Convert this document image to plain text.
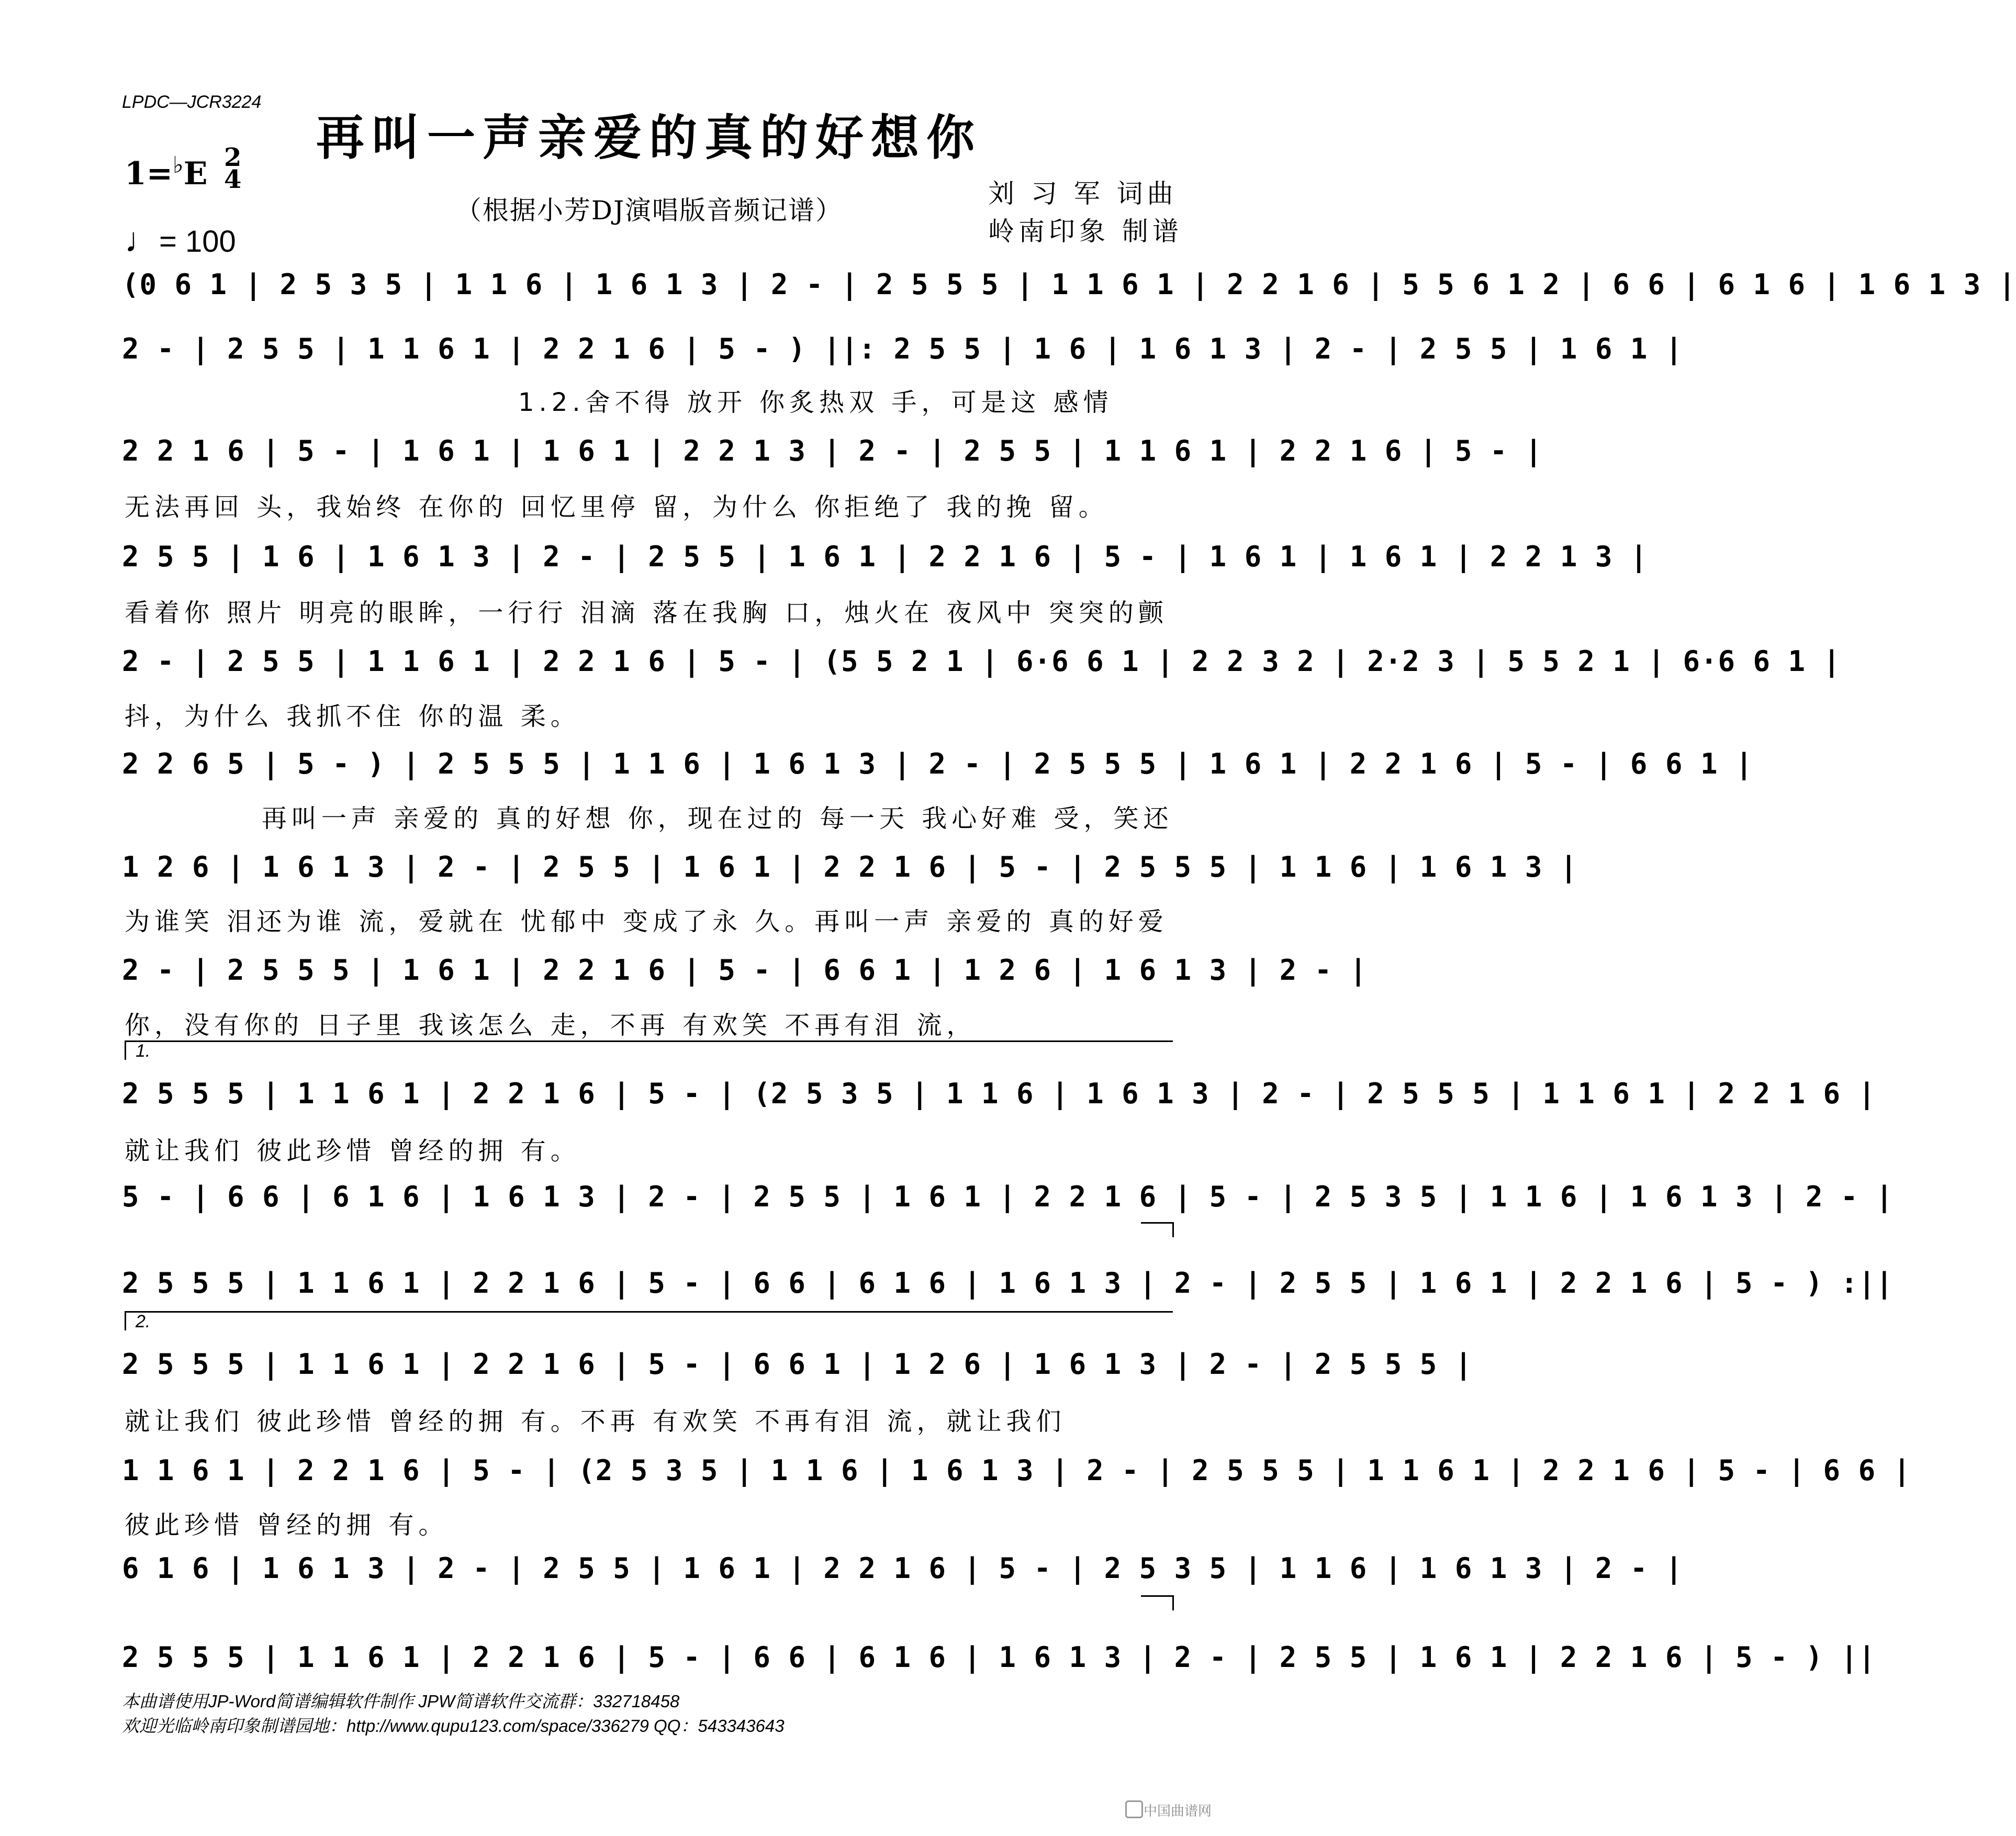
LPDC—JCR3224
再叫一声亲爱的真的好想你
（根据小芳DJ演唱版音频记谱）
刘 习 军 词曲
岭南印象 制谱
1=♭E 2
4
♩= 100
(0 6 1 | 2 5 3 5 | 1 1 6 | 1 6 1 3 | 2 - | 2 5 5 5 | 1 1 6 1 | 2 2 1 6 | 5 5 6 1 2 | 6 6 | 6 1 6 | 1 6 1 3 |
2 - | 2 5 5 | 1 1 6 1 | 2 2 1 6 | 5 - ) ||: 2 5 5 | 1 6 | 1 6 1 3 | 2 - | 2 5 5 | 1 6 1 |
1.2.舍不得 放开 你炙热双 手，可是这 感情
2 2 1 6 | 5 - | 1 6 1 | 1 6 1 | 2 2 1 3 | 2 - | 2 5 5 | 1 1 6 1 | 2 2 1 6 | 5 - |
无法再回 头，我始终 在你的 回忆里停 留，为什么 你拒绝了 我的挽 留。
2 5 5 | 1 6 | 1 6 1 3 | 2 - | 2 5 5 | 1 6 1 | 2 2 1 6 | 5 - | 1 6 1 | 1 6 1 | 2 2 1 3 |
看着你 照片 明亮的眼眸，一行行 泪滴 落在我胸 口，烛火在 夜风中 突突的颤
2 - | 2 5 5 | 1 1 6 1 | 2 2 1 6 | 5 - | (5 5 2 1 | 6·6 6 1 | 2 2 3 2 | 2·2 3 | 5 5 2 1 | 6·6 6 1 |
抖，为什么 我抓不住 你的温 柔。
2 2 6 5 | 5 - ) | 2 5 5 5 | 1 1 6 | 1 6 1 3 | 2 - | 2 5 5 5 | 1 6 1 | 2 2 1 6 | 5 - | 6 6 1 |
再叫一声 亲爱的 真的好想 你，现在过的 每一天 我心好难 受，笑还
1 2 6 | 1 6 1 3 | 2 - | 2 5 5 | 1 6 1 | 2 2 1 6 | 5 - | 2 5 5 5 | 1 1 6 | 1 6 1 3 |
为谁笑 泪还为谁 流，爱就在 忧郁中 变成了永 久。再叫一声 亲爱的 真的好爱
2 - | 2 5 5 5 | 1 6 1 | 2 2 1 6 | 5 - | 6 6 1 | 1 2 6 | 1 6 1 3 | 2 - |
你，没有你的 日子里 我该怎么 走，不再 有欢笑 不再有泪 流，
1.
2 5 5 5 | 1 1 6 1 | 2 2 1 6 | 5 - | (2 5 3 5 | 1 1 6 | 1 6 1 3 | 2 - | 2 5 5 5 | 1 1 6 1 | 2 2 1 6 |
就让我们 彼此珍惜 曾经的拥 有。
5 - | 6 6 | 6 1 6 | 1 6 1 3 | 2 - | 2 5 5 | 1 6 1 | 2 2 1 6 | 5 - | 2 5 3 5 | 1 1 6 | 1 6 1 3 | 2 - |
2 5 5 5 | 1 1 6 1 | 2 2 1 6 | 5 - | 6 6 | 6 1 6 | 1 6 1 3 | 2 - | 2 5 5 | 1 6 1 | 2 2 1 6 | 5 - ) :||
2.
2 5 5 5 | 1 1 6 1 | 2 2 1 6 | 5 - | 6 6 1 | 1 2 6 | 1 6 1 3 | 2 - | 2 5 5 5 |
就让我们 彼此珍惜 曾经的拥 有。不再 有欢笑 不再有泪 流，就让我们
1 1 6 1 | 2 2 1 6 | 5 - | (2 5 3 5 | 1 1 6 | 1 6 1 3 | 2 - | 2 5 5 5 | 1 1 6 1 | 2 2 1 6 | 5 - | 6 6 |
彼此珍惜 曾经的拥 有。
6 1 6 | 1 6 1 3 | 2 - | 2 5 5 | 1 6 1 | 2 2 1 6 | 5 - | 2 5 3 5 | 1 1 6 | 1 6 1 3 | 2 - |
2 5 5 5 | 1 1 6 1 | 2 2 1 6 | 5 - | 6 6 | 6 1 6 | 1 6 1 3 | 2 - | 2 5 5 | 1 6 1 | 2 2 1 6 | 5 - ) ||
本曲谱使用JP-Word简谱编辑软件制作 JPW简谱软件交流群：332718458
欢迎光临岭南印象制谱园地：http://www.qupu123.com/space/336279 QQ：543343643
中国曲谱网
